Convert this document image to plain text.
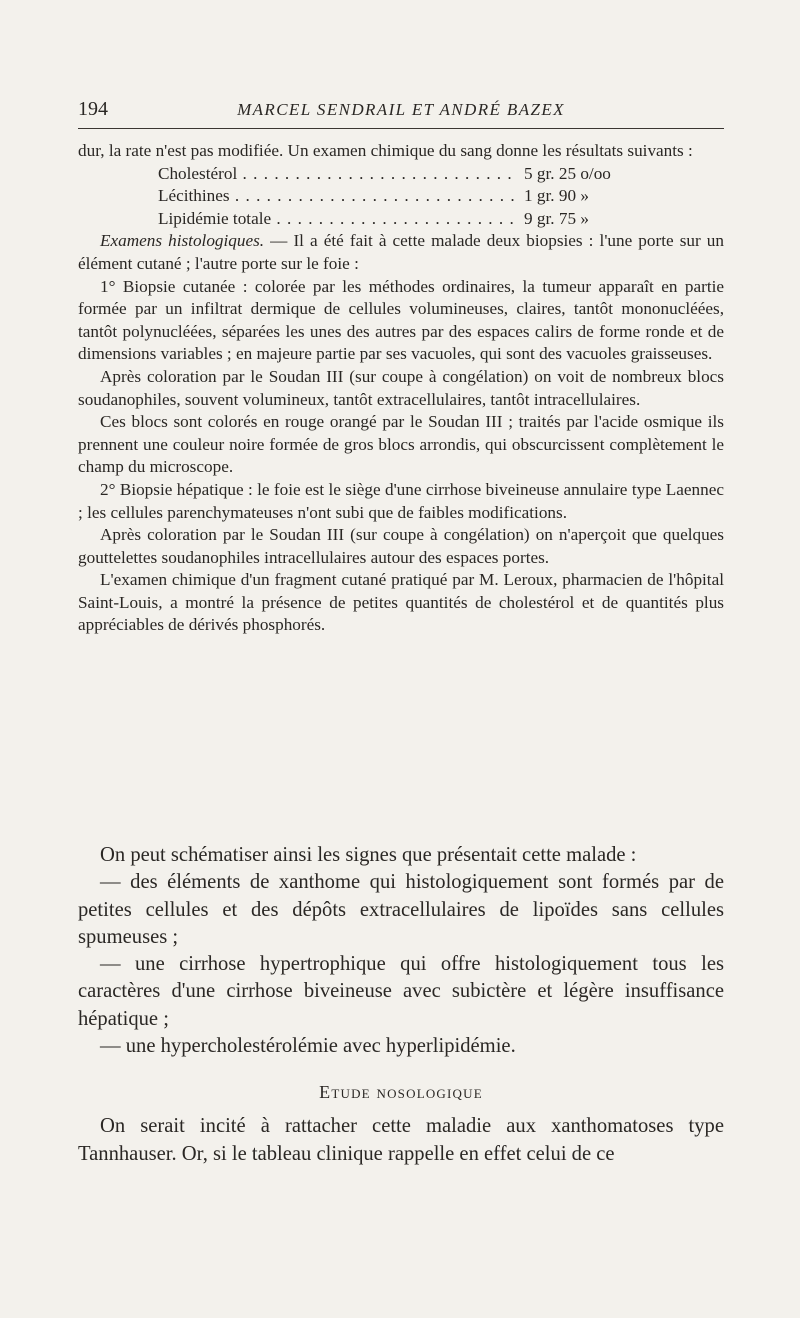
194	MARCEL SENDRAIL ET ANDRÉ BAZEX

dur, la rate n'est pas modifiée. Un examen chimique du sang donne les résultats suivants :

Cholestérol . . .	5 gr. 25 o/oo
Lécithines . . .	1 gr. 90 »
Lipidémie totale . . .	9 gr. 75 »

Examens histologiques. — Il a été fait à cette malade deux biopsies : l'une porte sur un élément cutané ; l'autre porte sur le foie :

1° Biopsie cutanée : colorée par les méthodes ordinaires, la tumeur apparaît en partie formée par un infiltrat dermique de cellules volumineuses, claires, tantôt mononucléées, tantôt polynucléées, séparées les unes des autres par des espaces calirs de forme ronde et de dimensions variables ; en majeure partie par ses vacuoles, qui sont des vacuoles graisseuses.

Après coloration par le Soudan III (sur coupe à congélation) on voit de nombreux blocs soudanophiles, souvent volumineux, tantôt extracellulaires, tantôt intracellulaires.

Ces blocs sont colorés en rouge orangé par le Soudan III ; traités par l'acide osmique ils prennent une couleur noire formée de gros blocs arrondis, qui obscurcissent complètement le champ du microscope.

2° Biopsie hépatique : le foie est le siège d'une cirrhose biveineuse annulaire type Laennec ; les cellules parenchymateuses n'ont subi que de faibles modifications.

Après coloration par le Soudan III (sur coupe à congélation) on n'aperçoit que quelques gouttelettes soudanophiles intracellulaires autour des espaces portes.

L'examen chimique d'un fragment cutané pratiqué par M. Leroux, pharmacien de l'hôpital Saint-Louis, a montré la présence de petites quantités de cholestérol et de quantités plus appréciables de dérivés phosphorés.

On peut schématiser ainsi les signes que présentait cette malade :

— des éléments de xanthome qui histologiquement sont formés par de petites cellules et des dépôts extracellulaires de lipoïdes sans cellules spumeuses ;

— une cirrhose hypertrophique qui offre histologiquement tous les caractères d'une cirrhose biveineuse avec subictère et légère insuffisance hépatique ;

— une hypercholestérolémie avec hyperlipidémie.

Etude nosologique

On serait incité à rattacher cette maladie aux xanthomatoses type Tannhauser. Or, si le tableau clinique rappelle en effet celui de ce
